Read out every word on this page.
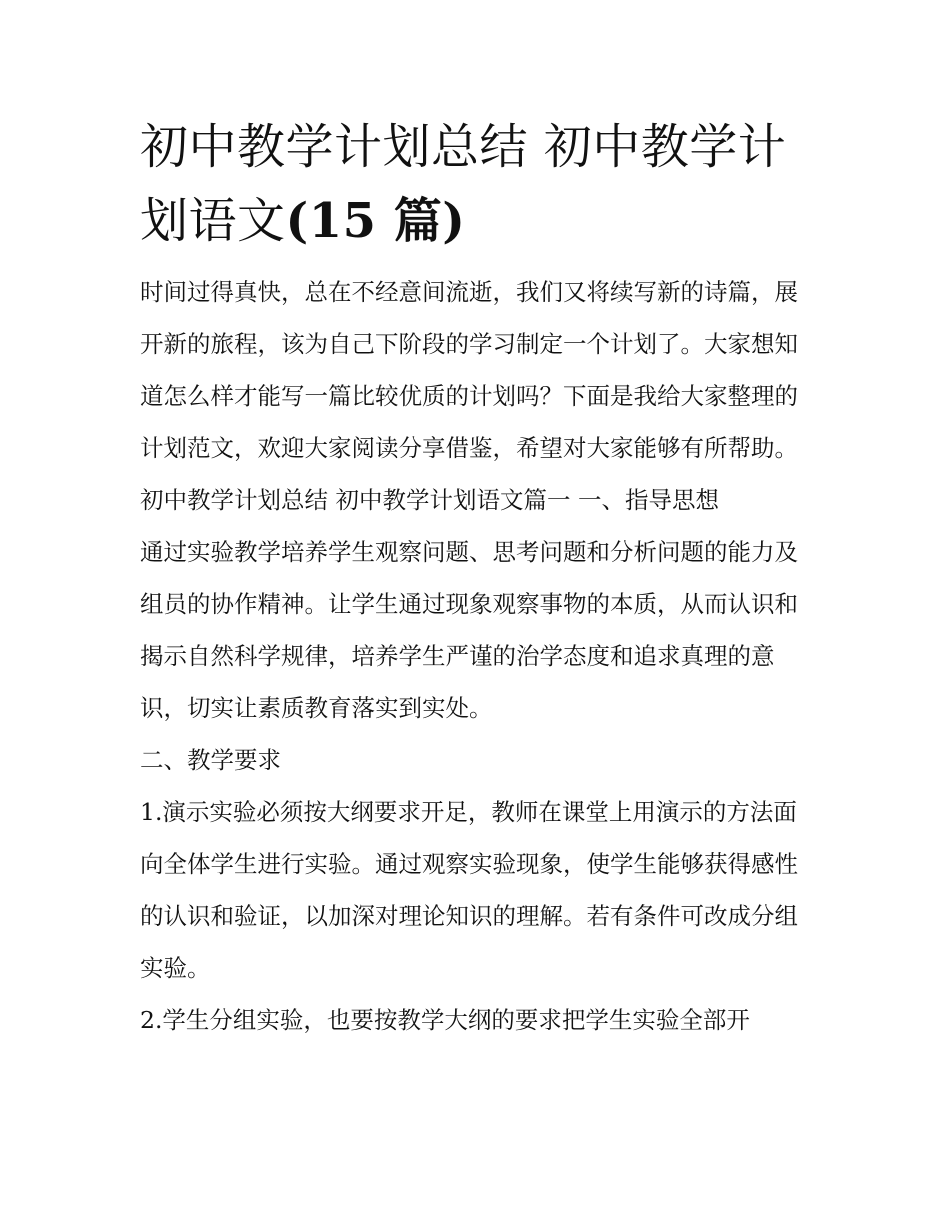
初中教学计划总结 初中教学计划语文(15 篇)

时间过得真快，总在不经意间流逝，我们又将续写新的诗篇，展开新的旅程，该为自己下阶段的学习制定一个计划了。大家想知道怎么样才能写一篇比较优质的计划吗？下面是我给大家整理的计划范文，欢迎大家阅读分享借鉴，希望对大家能够有所帮助。

初中教学计划总结 初中教学计划语文篇一 一、指导思想

通过实验教学培养学生观察问题、思考问题和分析问题的能力及组员的协作精神。让学生通过现象观察事物的本质，从而认识和揭示自然科学规律，培养学生严谨的治学态度和追求真理的意识，切实让素质教育落实到实处。

二、教学要求

1.演示实验必须按大纲要求开足，教师在课堂上用演示的方法面向全体学生进行实验。通过观察实验现象，使学生能够获得感性的认识和验证，以加深对理论知识的理解。若有条件可改成分组实验。

2.学生分组实验，也要按教学大纲的要求把学生实验全部开
